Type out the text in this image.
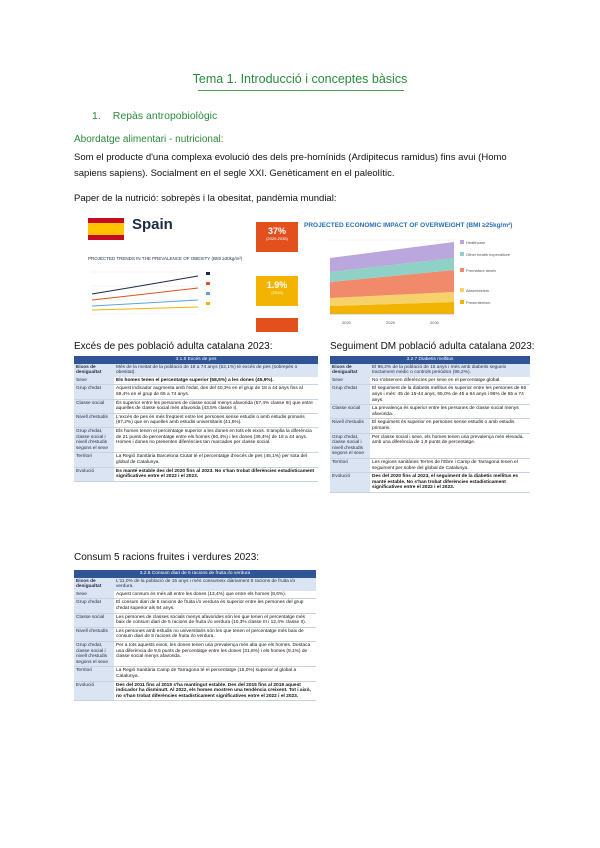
Tema 1. Introducció i conceptes bàsics
1. Repàs antropobiològic
Abordatge alimentari - nutricional:
Som el producte d'una complexa evolució des dels pre-homínids (Ardipitecus ramidus) fins avui (Homo sapiens sapiens). Socialment en el segle XXI. Genèticament en el paleolític.
Paper de la nutrició: sobrepès i la obesitat, pandèmia mundial:
Spain	37%
(2020-2035)
1.9%
(2019)
PROJECTED TRENDS IN THE PREVALENCE OF OBESITY (BMI ≥30kg/m²)
PROJECTED ECONOMIC IMPACT OF OVERWEIGHT (BMI ≥25kg/m²)
2020	2025	2030
Healthcare
Other health expenditure
Premature death
Absenteeism
Presenteeism
Excés de pes població adulta catalana 2023:	Seguiment DM població adulta catalana 2023:
Consum 5 racions fruites i verdures 2023:
3.1.8 Excés de pes	
Eixos de desigualtat	Més de la meitat de la població de 18 a 74 anys (52,1%) té excés de pes (sobrepès o obesitat).
Sexe	Els homes tenen el percentatge superior (58,5%) a les dones (45,9%).
Grup d'edat	Aquest indicador augmenta amb l'edat, des del 40,3% en el grup de 18 a 44 anys fins al 69,4% en el grup de 65 a 74 anys.
Classe social	És superior entre les persones de classe social menys afavorida (57,4% classe III) que entre aquelles de classe social més afavorida (43,5% classe I).
Nivell d'estudis	L'excés de pes és més freqüent entre les persones sense estudis o amb estudis primaris (67,2%) que en aquelles amb estudis universitaris (41,5%).
Grup d'edat, classe social i nivell d'estudis segons el sexe	Els homes tenen el percentatge superior a les dones en tots els eixos. S'amplia la diferència de 21 punts de percentatge entre els homes (60,4%) i les dones (39,4%) de 18 a 44 anys. Homes i dones no presenten diferències tan marcades per classe social.
Territori	La Regió Sanitària Barcelona Ciutat té el percentatge d'excés de pes (45,1%) per sota del global de Catalunya.
Evolució	Es manté estable des del 2020 fins al 2023. No s'han trobat diferències estadísticament significatives entre el 2022 i el 2023.
3.2.7 Diabetis mellitus	
Eixos de desigualtat	El 96,2% de la població de 15 anys i més amb diabetis segueix tractament mèdic o controls periòdics (96,2%).
Sexe	No s'observen diferències per sexe en el percentatge global.
Grup d'edat	El seguiment de la diabetis mellitus és superior entre les persones de 65 anys i més: 45 de 15-44 anys, 65,0% de 45 a 64 anys i 96% de 65 a 74 anys.
Classe social	La prevalença és superior entre les persones de classe social menys afavorida.
Nivell d'estudis	El seguiment és superior en persones sense estudis o amb estudis primaris.
Grup d'edat, classe social i nivell d'estudis segons el sexe	Per classe social i sexe, els homes tenen una prevalença més elevada, amb una diferència de 1,9 punts de percentatge.
Territori	Les regions sanitàries Terres de l'Ebre i Camp de Tarragona tenen el seguiment per sobre del global de Catalunya.
Evolució	Des del 2020 fins al 2023, el seguiment de la diabetis mellitus es manté estable. No s'han trobat diferències estadísticament significatives entre el 2022 i el 2023.
3.2.8 Consum diari de 5 racions de fruita i/o verdura	
Eixos de desigualtat	L'11,0% de la població de 15 anys i més consumeix diàriament 5 racions de fruita i/o verdura.
Sexe	Aquest consum és més alt entre les dones (13,4%) que entre els homes (8,6%).
Grup d'edat	El consum diari de 5 racions de fruita i/o verdura és superior entre les persones del grup d'edat superior als 64 anys.
Classe social	Les persones de classes socials menys afavorides són les que tenen el percentatge més baix de consum diari de 5 racions de fruita i/o verdura (10,3% classe III i 12,4% classe II).
Nivell d'estudis	Les persones amb estudis no universitaris són les que tenen el percentatge més baix de consum diari de 5 racions de fruita i/o verdura.
Grup d'edat, classe social i nivell d'estudis segons el sexe	Per a tots aquests eixos, les dones tenen una prevalença més alta que els homes. Destaca una diferència de 9,5 punts de percentatge entre les dones (31,8%) i els homes (9,1%) de classe social menys afavorida.
Territori	La Regió Sanitària Camp de Tarragona té el percentatge (15,0%) superior al global a Catalunya.
Evolució	Des del 2011 fins al 2015 s'ha mantingut estable. Des del 2015 fins al 2019 aquest indicador ha disminuït. Al 2022, els homes mostren una tendència creixent. Tot i això, no s'han trobat diferències estadísticament significatives entre el 2022 i el 2023.
